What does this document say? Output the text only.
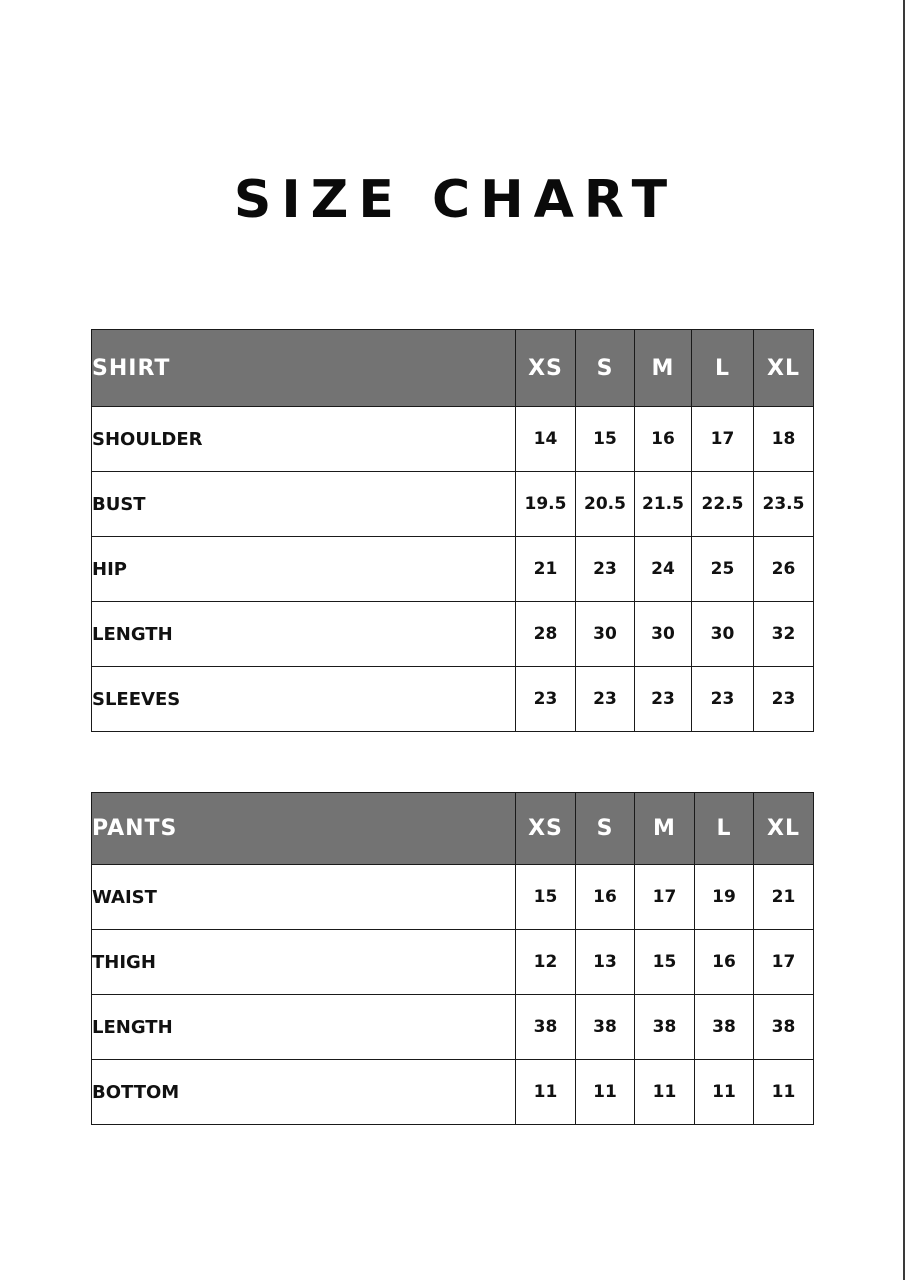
SIZE CHART
SHIRT	XS	S	M	L	XL
SHOULDER	14	15	16	17	18
BUST	19.5	20.5	21.5	22.5	23.5
HIP	21	23	24	25	26
LENGTH	28	30	30	30	32
SLEEVES	23	23	23	23	23
PANTS	XS	S	M	L	XL
WAIST	15	16	17	19	21
THIGH	12	13	15	16	17
LENGTH	38	38	38	38	38
BOTTOM	11	11	11	11	11
